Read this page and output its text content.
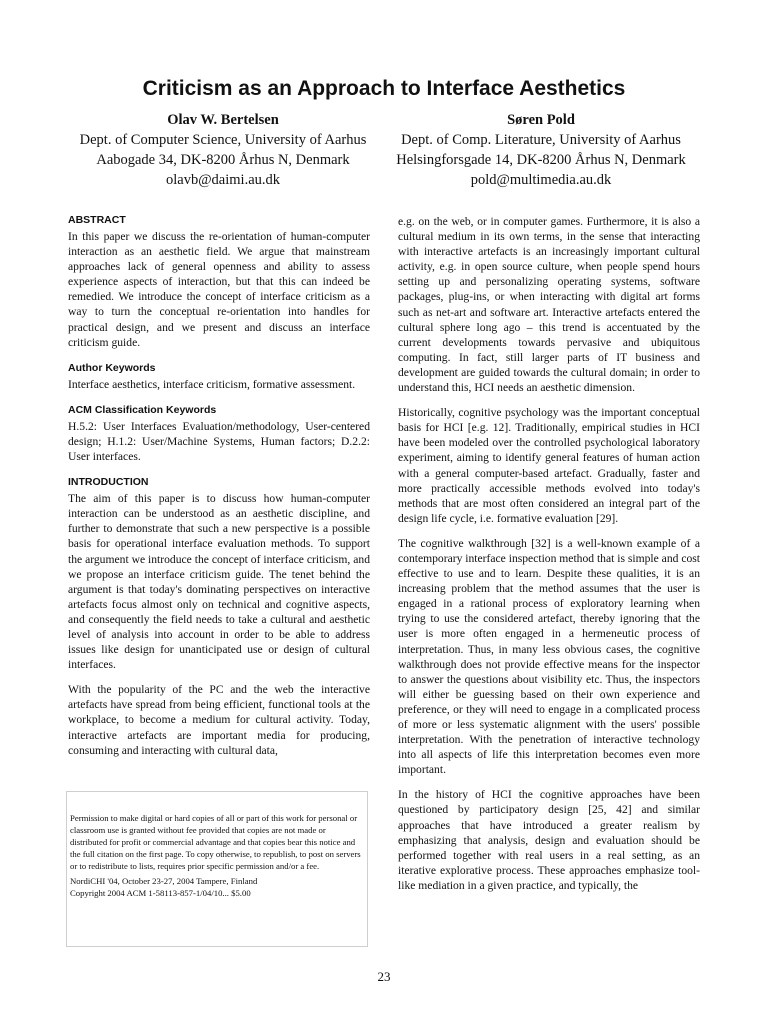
Criticism as an Approach to Interface Aesthetics
Olav W. Bertelsen
Dept. of Computer Science, University of Aarhus
Aabogade 34, DK-8200 Århus N, Denmark
olavb@daimi.au.dk
Søren Pold
Dept. of Comp. Literature, University of Aarhus
Helsingforsgade 14, DK-8200 Århus N, Denmark
pold@multimedia.au.dk
ABSTRACT

In this paper we discuss the re-orientation of human-computer interaction as an aesthetic field. We argue that mainstream approaches lack of general openness and ability to assess experience aspects of interaction, but that this can indeed be remedied. We introduce the concept of interface criticism as a way to turn the conceptual re-orientation into handles for practical design, and we present and discuss an interface criticism guide.

Author Keywords

Interface aesthetics, interface criticism, formative assessment.

ACM Classification Keywords

H.5.2: User Interfaces Evaluation/methodology, User-centered design; H.1.2: User/Machine Systems, Human factors; D.2.2: User interfaces.

INTRODUCTION

The aim of this paper is to discuss how human-computer interaction can be understood as an aesthetic discipline, and further to demonstrate that such a new perspective is a possible basis for operational interface evaluation methods. To support the argument we introduce the concept of interface criticism, and we propose an interface criticism guide. The tenet behind the argument is that today's dominating perspectives on interactive artefacts focus almost only on technical and cognitive aspects, and consequently the field needs to take a cultural and aesthetic level of analysis into account in order to be able to address issues like design for unanticipated use or design of cultural interfaces.

With the popularity of the PC and the web the interactive artefacts have spread from being efficient, functional tools at the workplace, to become a medium for cultural activity. Today, interactive artefacts are important media for producing, consuming and interacting with cultural data,

Permission to make digital or hard copies of all or part of this work for personal or classroom use is granted without fee provided that copies are not made or distributed for profit or commercial advantage and that copies bear this notice and the full citation on the first page. To copy otherwise, to republish, to post on servers or to redistribute to lists, requires prior specific permission and/or a fee.

NordiCHI '04, October 23-27, 2004 Tampere, Finland

Copyright 2004 ACM 1-58113-857-1/04/10... $5.00

e.g. on the web, or in computer games. Furthermore, it is also a cultural medium in its own terms, in the sense that interacting with interactive artefacts is an increasingly important cultural activity, e.g. in open source culture, when people spend hours setting up and personalizing operating systems, software packages, plug-ins, or when interacting with digital art forms such as net-art and software art. Interactive artefacts entered the cultural sphere long ago – this trend is accentuated by the current developments towards pervasive and ubiquitous computing. In fact, still larger parts of IT business and development are guided towards the cultural domain; in order to understand this, HCI needs an aesthetic dimension.

Historically, cognitive psychology was the important conceptual basis for HCI [e.g. 12]. Traditionally, empirical studies in HCI have been modeled over the controlled psychological laboratory experiment, aiming to identify general features of human action with a general computer-based artefact. Gradually, faster and more practically accessible methods evolved into today's methods that are most often considered an integral part of the design life cycle, i.e. formative evaluation [29].

The cognitive walkthrough [32] is a well-known example of a contemporary interface inspection method that is simple and cost effective to use and to learn. Despite these qualities, it is an increasing problem that the method assumes that the user is engaged in a rational process of exploratory learning when trying to use the considered artefact, thereby ignoring that the user is more often engaged in a hermeneutic process of interpretation. Thus, in many less obvious cases, the cognitive walkthrough does not provide effective means for the inspector to answer the questions about visibility etc. Thus, the inspectors will either be guessing based on their own experience and preference, or they will need to engage in a complicated process of more or less systematic alignment with the users' possible interpretation. With the penetration of interactive technology into all aspects of life this interpretation becomes even more important.

In the history of HCI the cognitive approaches have been questioned by participatory design [25, 42] and similar approaches that have introduced a greater realism by emphasizing that analysis, design and evaluation should be performed together with real users in a real setting, as an iterative explorative process. These approaches emphasize tool-like mediation in a given practice, and typically, the

23
